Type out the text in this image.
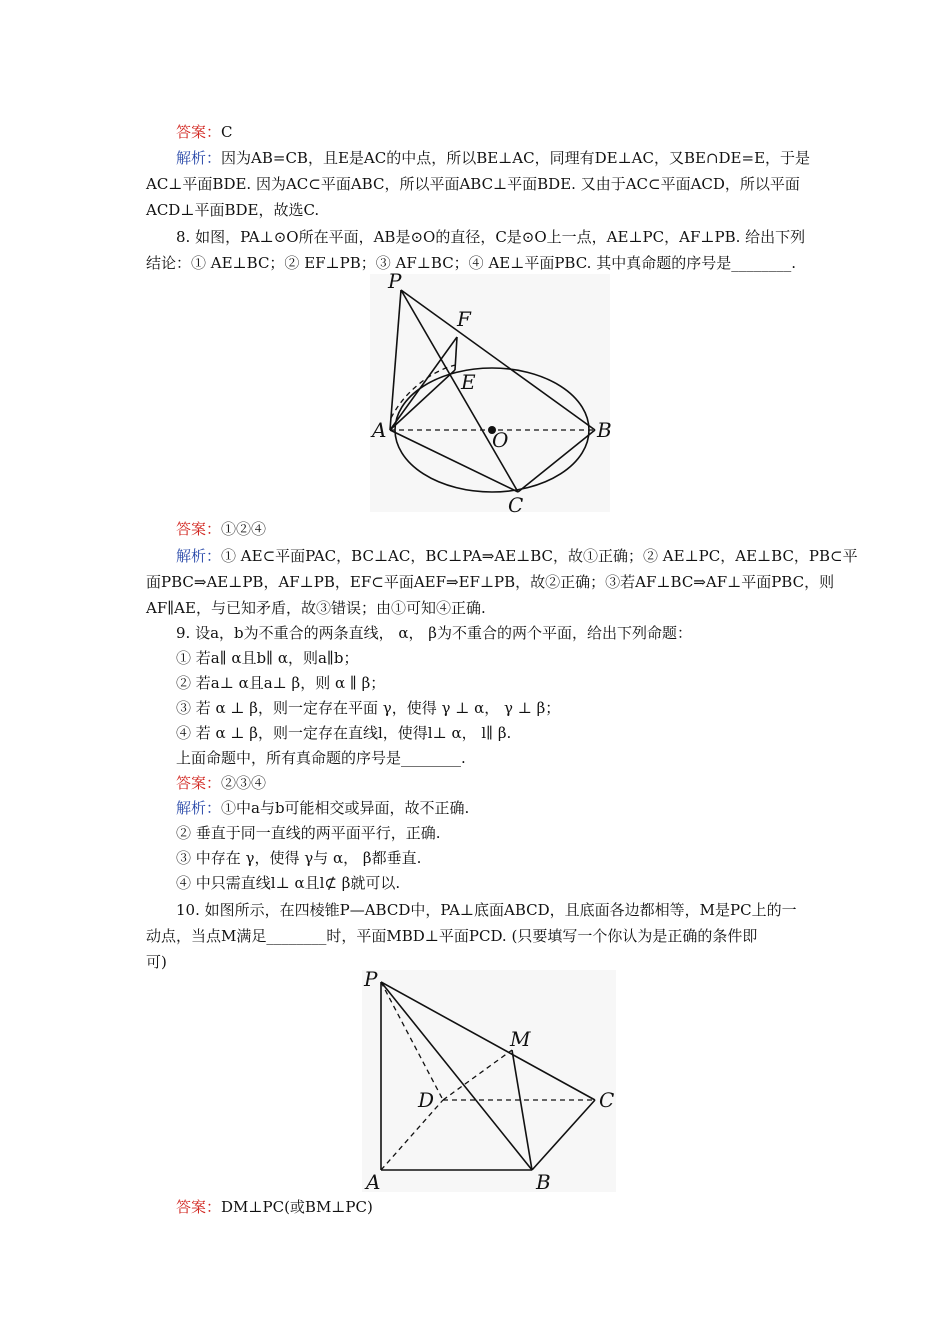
答案：C
解析：因为AB=CB，且E是AC的中点，所以BE⊥AC，同理有DE⊥AC，又BE∩DE=E，于是
AC⊥平面BDE. 因为AC⊂平面ABC，所以平面ABC⊥平面BDE. 又由于AC⊂平面ACD，所以平面
ACD⊥平面BDE，故选C.
8. 如图，PA⊥⊙O所在平面，AB是⊙O的直径，C是⊙O上一点，AE⊥PC，AF⊥PB. 给出下列
结论：① AE⊥BC；② EF⊥PB；③ AF⊥BC；④ AE⊥平面PBC. 其中真命题的序号是________.
P
F
E
A	O	B
C
答案：①②④
解析：① AE⊂平面PAC，BC⊥AC，BC⊥PA⇒AE⊥BC，故①正确；② AE⊥PC，AE⊥BC，PB⊂平
面PBC⇒AE⊥PB，AF⊥PB，EF⊂平面AEF⇒EF⊥PB，故②正确；③若AF⊥BC⇒AF⊥平面PBC，则
AF∥AE，与已知矛盾，故③错误；由①可知④正确.
9. 设a，b为不重合的两条直线， α， β为不重合的两个平面，给出下列命题：
① 若a∥ α且b∥ α，则a∥b；
② 若a⊥ α且a⊥ β，则 α ∥ β；
③ 若 α ⊥ β，则一定存在平面 γ，使得 γ ⊥ α， γ ⊥ β；
④ 若 α ⊥ β，则一定存在直线l，使得l⊥ α， l∥ β.
上面命题中，所有真命题的序号是________.
答案：②③④
解析：①中a与b可能相交或异面，故不正确.
② 垂直于同一直线的两平面平行，正确.
③ 中存在 γ，使得 γ与 α， β都垂直.
④ 中只需直线l⊥ α且l⊄ β就可以.
10. 如图所示，在四棱锥P—ABCD中，PA⊥底面ABCD，且底面各边都相等，M是PC上的一
动点，当点M满足________时，平面MBD⊥平面PCD. (只要填写一个你认为是正确的条件即
可)
P
M
D	C
A	B
答案：DM⊥PC(或BM⊥PC)
